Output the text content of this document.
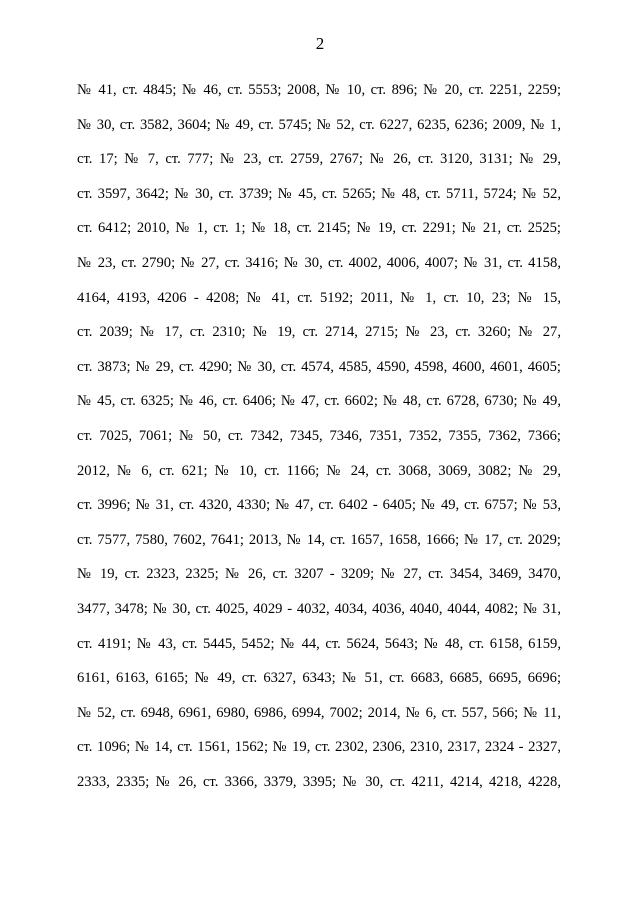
2
№ 41, ст. 4845; № 46, ст. 5553; 2008, № 10, ст. 896; № 20, ст. 2251, 2259;
№ 30, ст. 3582, 3604; № 49, ст. 5745; № 52, ст. 6227, 6235, 6236; 2009, № 1,
ст. 17; № 7, ст. 777; № 23, ст. 2759, 2767; № 26, ст. 3120, 3131; № 29,
ст. 3597, 3642; № 30, ст. 3739; № 45, ст. 5265; № 48, ст. 5711, 5724; № 52,
ст. 6412; 2010, № 1, ст. 1; № 18, ст. 2145; № 19, ст. 2291; № 21, ст. 2525;
№ 23, ст. 2790; № 27, ст. 3416; № 30, ст. 4002, 4006, 4007; № 31, ст. 4158,
4164, 4193, 4206 - 4208; № 41, ст. 5192; 2011, № 1, ст. 10, 23; № 15,
ст. 2039; № 17, ст. 2310; № 19, ст. 2714, 2715; № 23, ст. 3260; № 27,
ст. 3873; № 29, ст. 4290; № 30, ст. 4574, 4585, 4590, 4598, 4600, 4601, 4605;
№ 45, ст. 6325; № 46, ст. 6406; № 47, ст. 6602; № 48, ст. 6728, 6730; № 49,
ст. 7025, 7061; № 50, ст. 7342, 7345, 7346, 7351, 7352, 7355, 7362, 7366;
2012, № 6, ст. 621; № 10, ст. 1166; № 24, ст. 3068, 3069, 3082; № 29,
ст. 3996; № 31, ст. 4320, 4330; № 47, ст. 6402 - 6405; № 49, ст. 6757; № 53,
ст. 7577, 7580, 7602, 7641; 2013, № 14, ст. 1657, 1658, 1666; № 17, ст. 2029;
№ 19, ст. 2323, 2325; № 26, ст. 3207 - 3209; № 27, ст. 3454, 3469, 3470,
3477, 3478; № 30, ст. 4025, 4029 - 4032, 4034, 4036, 4040, 4044, 4082; № 31,
ст. 4191; № 43, ст. 5445, 5452; № 44, ст. 5624, 5643; № 48, ст. 6158, 6159,
6161, 6163, 6165; № 49, ст. 6327, 6343; № 51, ст. 6683, 6685, 6695, 6696;
№ 52, ст. 6948, 6961, 6980, 6986, 6994, 7002; 2014, № 6, ст. 557, 566; № 11,
ст. 1096; № 14, ст. 1561, 1562; № 19, ст. 2302, 2306, 2310, 2317, 2324 - 2327,
2333, 2335; № 26, ст. 3366, 3379, 3395; № 30, ст. 4211, 4214, 4218, 4228,
